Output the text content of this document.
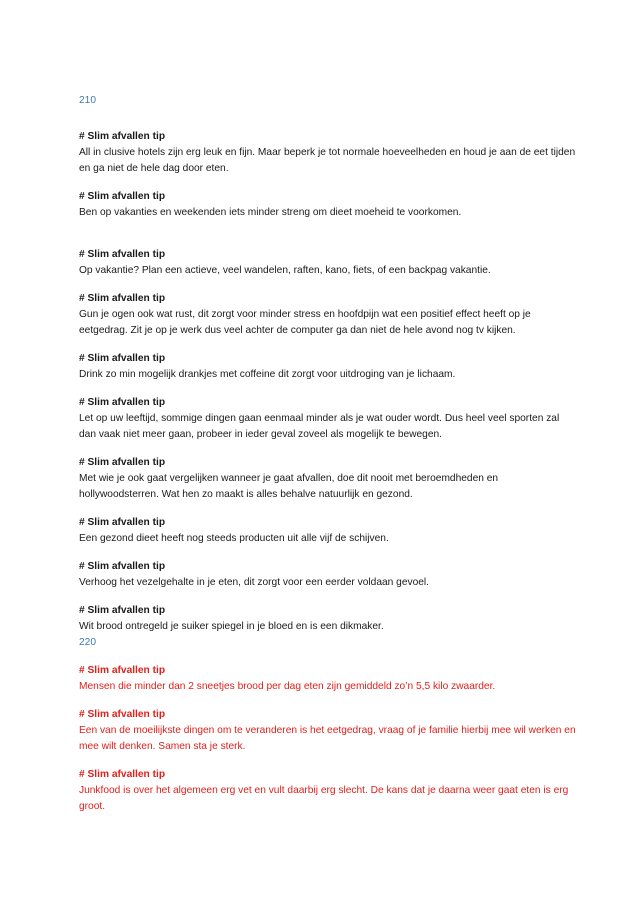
210
# Slim afvallen tip
All in clusive hotels zijn erg leuk en fijn. Maar beperk je tot normale hoeveelheden en houd je aan de eet tijden en ga niet de hele dag door eten.
# Slim afvallen tip
Ben op vakanties en weekenden iets minder streng om dieet moeheid te voorkomen.
# Slim afvallen tip
Op vakantie? Plan een actieve, veel wandelen, raften, kano, fiets, of een backpag vakantie.
# Slim afvallen tip
Gun je ogen ook wat rust, dit zorgt voor minder stress en hoofdpijn wat een positief effect heeft op je eetgedrag. Zit je op je werk dus veel achter de computer ga dan niet de hele avond nog tv kijken.
# Slim afvallen tip
Drink zo min mogelijk drankjes met coffeine dit zorgt voor uitdroging van je lichaam.
# Slim afvallen tip
Let op uw leeftijd, sommige dingen gaan eenmaal minder als je wat ouder wordt. Dus heel veel sporten zal dan vaak niet meer gaan, probeer in ieder geval zoveel als mogelijk te bewegen.
# Slim afvallen tip
Met wie je ook gaat vergelijken wanneer je gaat afvallen, doe dit nooit met beroemdheden en hollywoodsterren. Wat hen zo maakt is alles behalve natuurlijk en gezond.
# Slim afvallen tip
Een gezond dieet heeft nog steeds producten uit alle vijf de schijven.
# Slim afvallen tip
Verhoog het vezelgehalte in je eten, dit zorgt voor een eerder voldaan gevoel.
# Slim afvallen tip
Wit brood ontregeld je suiker spiegel in je bloed en is een dikmaker.
220
# Slim afvallen tip
Mensen die minder dan 2 sneetjes brood per dag eten zijn gemiddeld zo’n 5,5 kilo zwaarder.
# Slim afvallen tip
Een van de moeilijkste dingen om te veranderen is het eetgedrag, vraag of je familie hierbij mee wil werken en mee wilt denken. Samen sta je sterk.
# Slim afvallen tip
Junkfood is over het algemeen erg vet en vult daarbij erg slecht. De kans dat je daarna weer gaat eten is erg groot.
